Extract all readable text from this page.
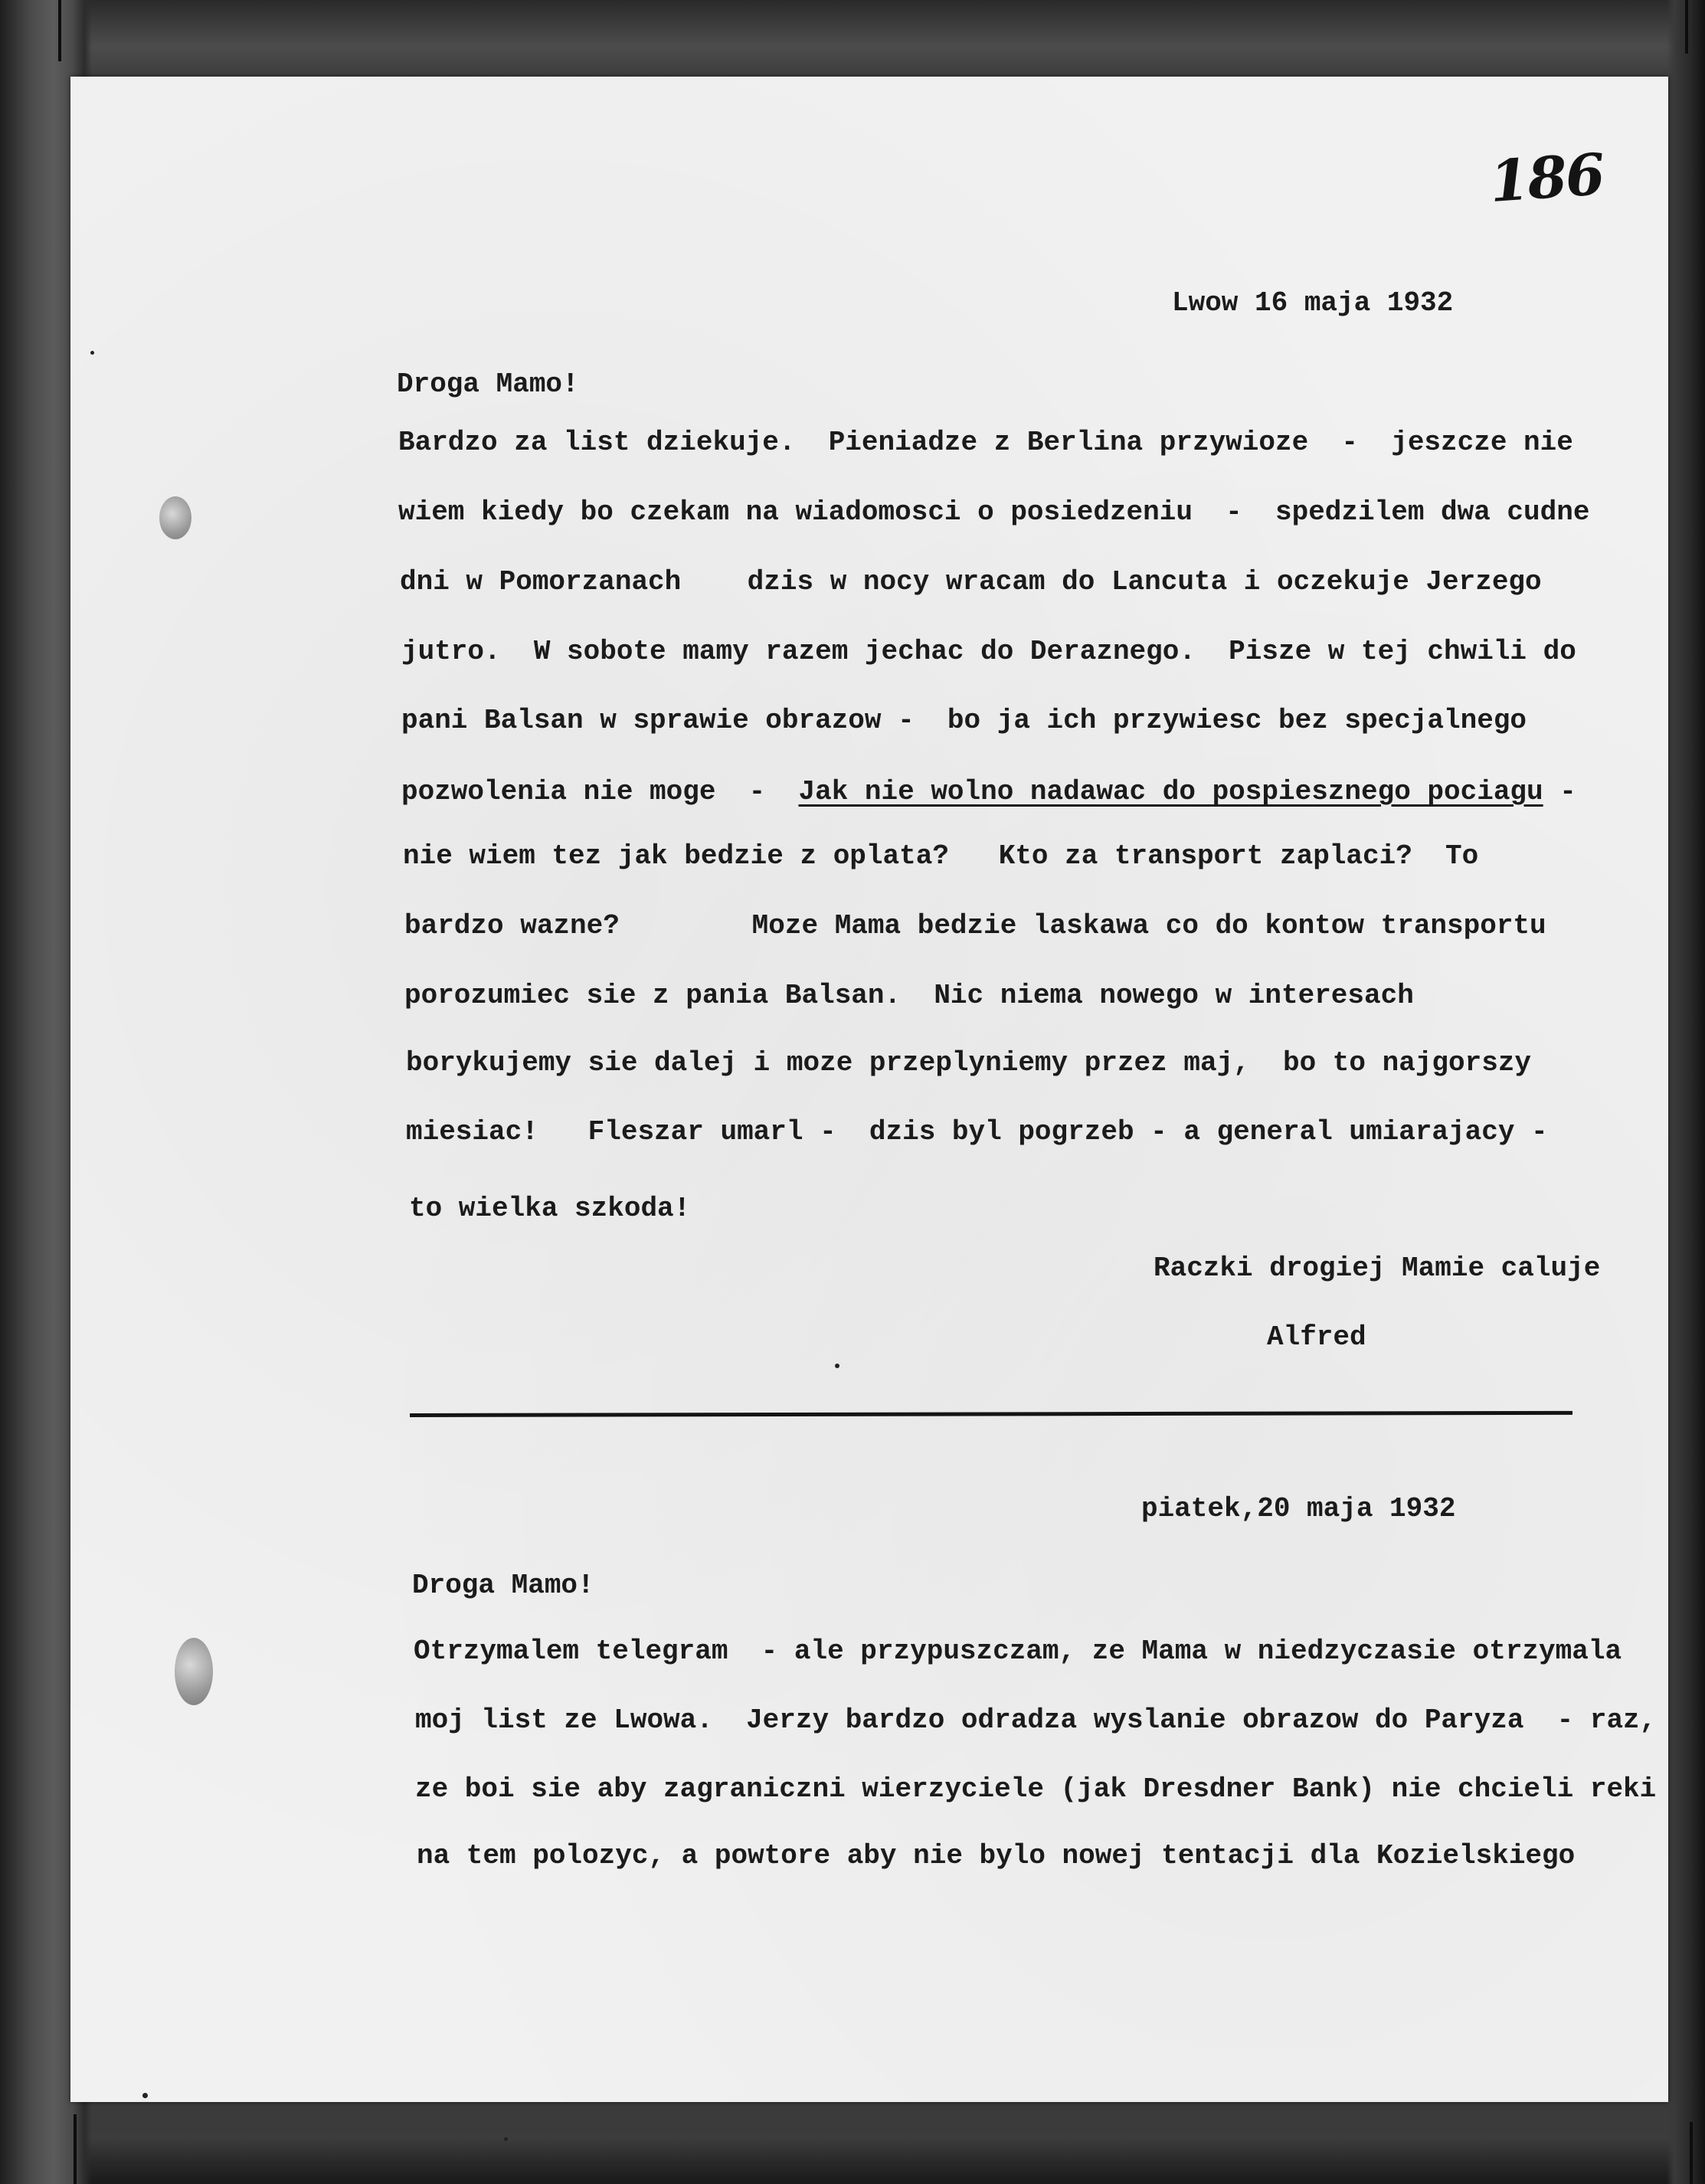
186
Lwow 16 maja 1932
Droga Mamo!
Bardzo za list dziekuje.  Pieniadze z Berlina przywioze  -  jeszcze nie
wiem kiedy bo czekam na wiadomosci o posiedzeniu  -  spedzilem dwa cudne
dni w Pomorzanach    dzis w nocy wracam do Lancuta i oczekuje Jerzego
jutro.  W sobote mamy razem jechac do Deraznego.  Pisze w tej chwili do
pani Balsan w sprawie obrazow -  bo ja ich przywiesc bez specjalnego
pozwolenia nie moge  -  Jak nie wolno nadawac do pospiesznego pociagu -
nie wiem tez jak bedzie z oplata?   Kto za transport zaplaci?  To
bardzo wazne?        Moze Mama bedzie laskawa co do kontow transportu
porozumiec sie z pania Balsan.  Nic niema nowego w interesach
borykujemy sie dalej i moze przeplyniemy przez maj,  bo to najgorszy
miesiac!   Fleszar umarl -  dzis byl pogrzeb - a general umiarajacy -
to wielka szkoda!
Raczki drogiej Mamie caluje
Alfred
piatek,20 maja 1932
Droga Mamo!
Otrzymalem telegram  - ale przypuszczam, ze Mama w niedzyczasie otrzymala
moj list ze Lwowa.  Jerzy bardzo odradza wyslanie obrazow do Paryza  - raz,
ze boi sie aby zagraniczni wierzyciele (jak Dresdner Bank) nie chcieli reki
na tem polozyc, a powtore aby nie bylo nowej tentacji dla Kozielskiego
